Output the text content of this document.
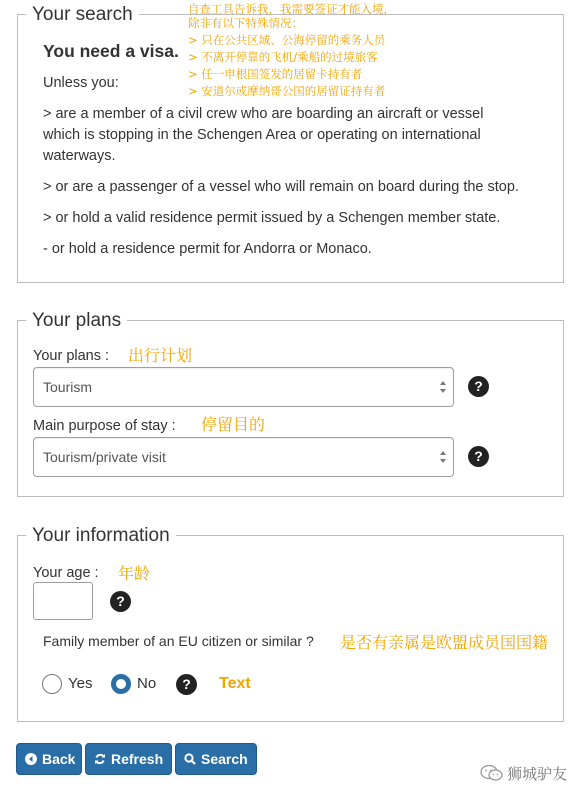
Your search
You need a visa.
Unless you:
> are a member of a civil crew who are boarding an aircraft or vessel
which is stopping in the Schengen Area or operating on international
waterways.
> or are a passenger of a vessel who will remain on board during the stop.
> or hold a valid residence permit issued by a Schengen member state.
- or hold a residence permit for Andorra or Monaco.
自查工具告诉我，我需要签证才能入境，
除非有以下特殊情况：
> 只在公共区域、公海停留的乘务人员
> 不离开停靠的飞机/乘船的过境旅客
> 任一申根国签发的居留卡持有者
> 安道尔或摩纳哥公国的居留证持有者
Your plans
Your plans : 出行计划
Tourism	?
Main purpose of stay : 停留目的
Tourism/private visit	?
Your information
Your age : 年龄
?
Family member of an EU citizen or similar ? 是否有亲属是欧盟成员国国籍
Yes	No	?	Text
Back	Refresh	Search
狮城驴友
